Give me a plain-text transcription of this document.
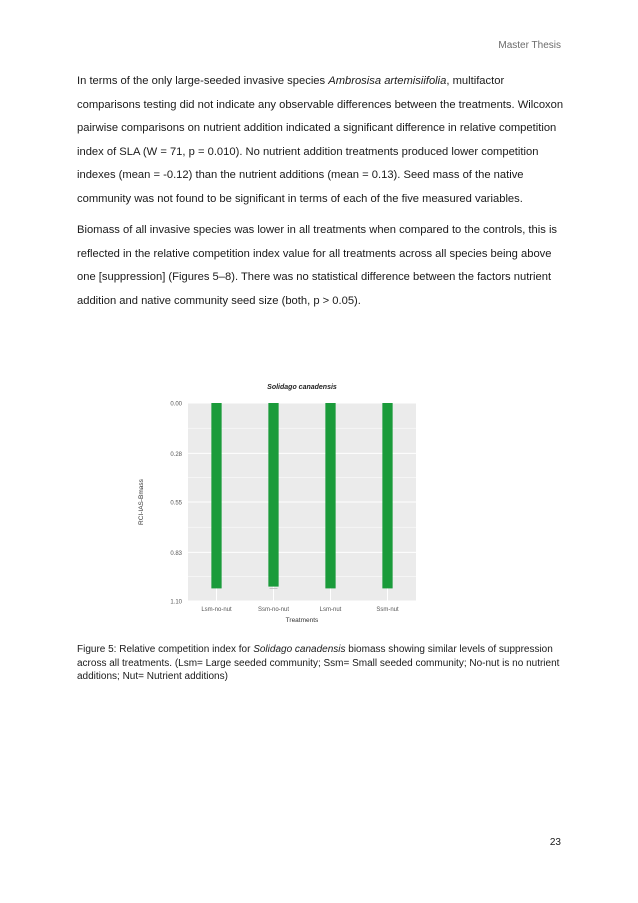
Master Thesis

In terms of the only large-seeded invasive species Ambrosisa artemisiifolia, multifactor comparisons testing did not indicate any observable differences between the treatments. Wilcoxon pairwise comparisons on nutrient addition indicated a significant difference in relative competition index of SLA (W = 71, p = 0.010). No nutrient addition treatments produced lower competition indexes (mean = -0.12) than the nutrient additions (mean = 0.13). Seed mass of the native community was not found to be significant in terms of each of the five measured variables.

Biomass of all invasive species was lower in all treatments when compared to the controls, this is reflected in the relative competition index value for all treatments across all species being above one [suppression] (Figures 5–8). There was no statistical difference between the factors nutrient addition and native community seed size (both, p > 0.05).

0.00
0.28
0.55
0.83
1.10
Lsm-no-nut	Ssm-no-nut	Lsm-nut	Ssm-nut
Solidago canadensis
Treatments
RCI-IAS-Bmass
Figure 5: Relative competition index for Solidago canadensis biomass showing similar levels of suppression across all treatments. (Lsm= Large seeded community; Ssm= Small seeded community; No-nut is no nutrient additions; Nut= Nutrient additions)
23
